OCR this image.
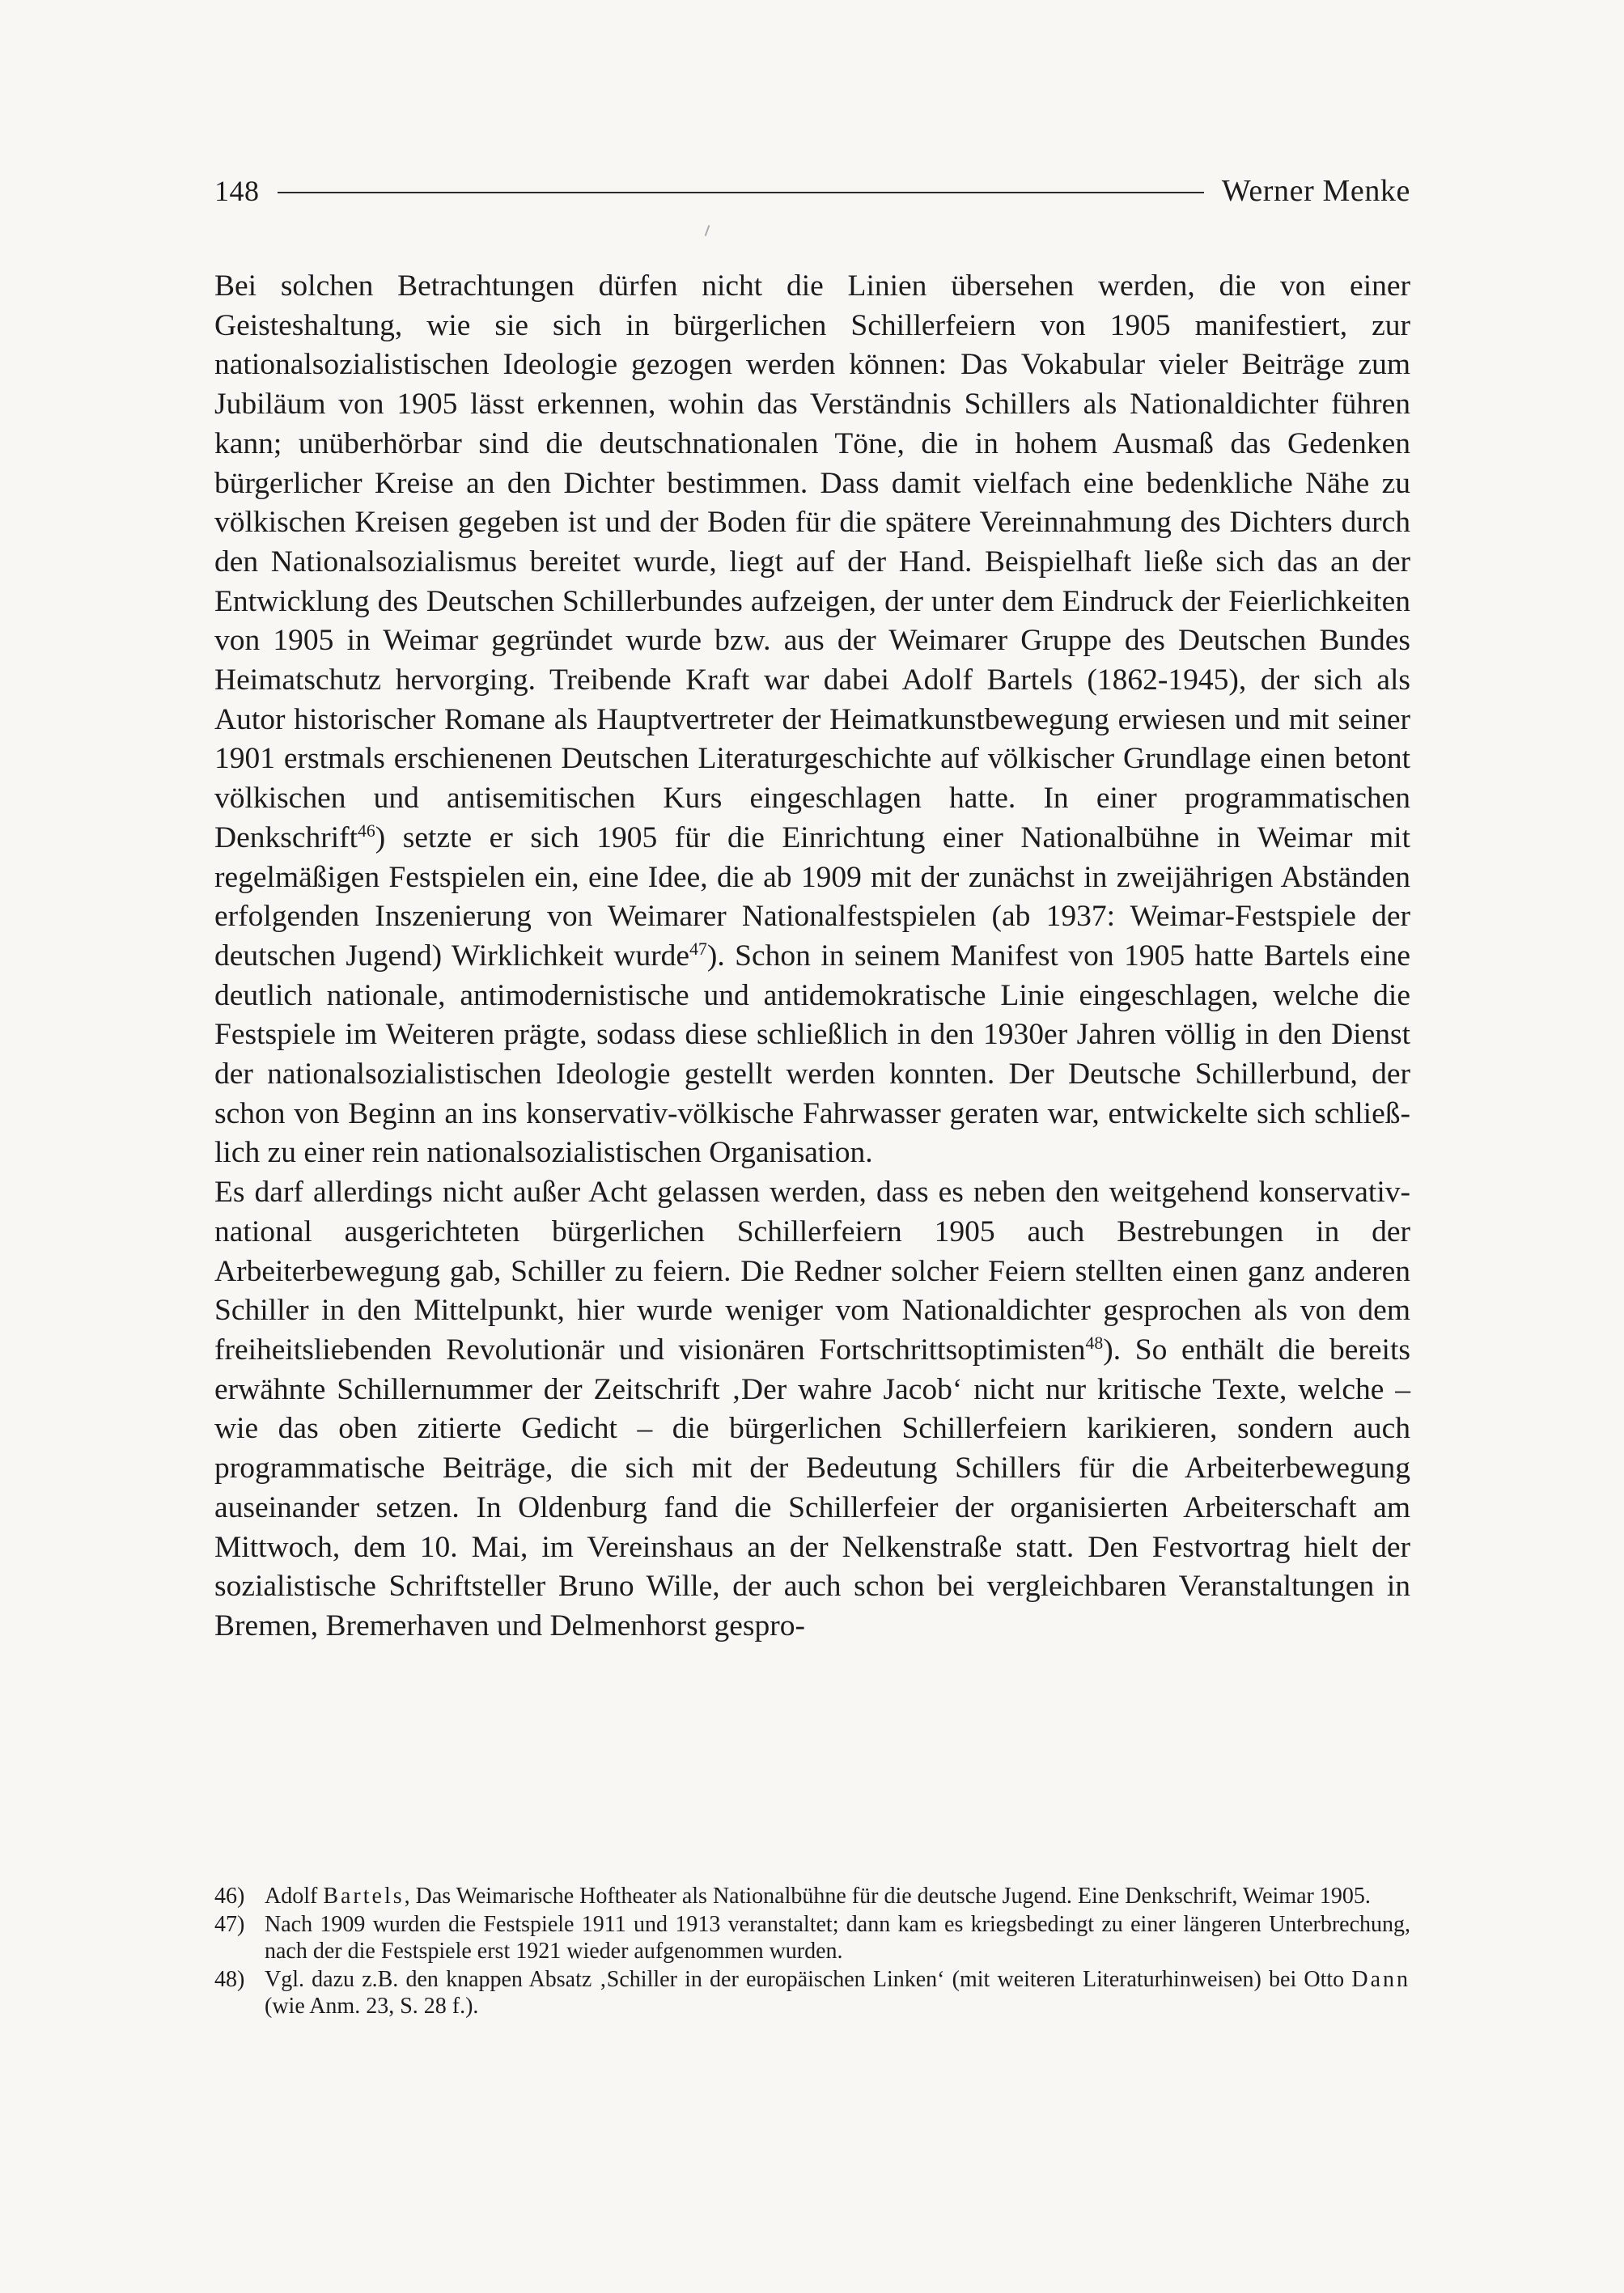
148	Werner Menke

Bei solchen Betrachtungen dürfen nicht die Linien übersehen werden, die von einer Geisteshaltung, wie sie sich in bürgerlichen Schillerfeiern von 1905 manifestiert, zur nationalsozialistischen Ideologie gezogen werden können: Das Vokabular vieler Beiträge zum Jubiläum von 1905 lässt erkennen, wohin das Verständnis Schillers als Nationaldichter führen kann; unüberhörbar sind die deutschnationalen Töne, die in hohem Ausmaß das Gedenken bürgerlicher Kreise an den Dichter bestimmen. Dass damit vielfach eine bedenkliche Nähe zu völkischen Kreisen gegeben ist und der Boden für die spätere Vereinnahmung des Dichters durch den Nationalsozialismus bereitet wurde, liegt auf der Hand. Beispielhaft ließe sich das an der Entwicklung des Deutschen Schillerbundes aufzeigen, der unter dem Eindruck der Feierlichkeiten von 1905 in Weimar gegründet wurde bzw. aus der Weimarer Gruppe des Deutschen Bundes Heimatschutz hervorging. Treibende Kraft war dabei Adolf Bartels (1862-1945), der sich als Autor historischer Romane als Hauptvertreter der Heimatkunstbewegung erwiesen und mit seiner 1901 erstmals erschienenen Deutschen Literaturgeschichte auf völkischer Grundlage einen betont völkischen und antisemitischen Kurs eingeschlagen hatte. In einer programmatischen Denkschrift$^{46}$) setzte er sich 1905 für die Einrichtung einer Nationalbühne in Weimar mit regelmäßigen Festspielen ein, eine Idee, die ab 1909 mit der zunächst in zweijährigen Abständen erfolgenden Inszenierung von Weimarer Nationalfestspielen (ab 1937: Weimar-Festspiele der deutschen Jugend) Wirklichkeit wurde$^{47}$). Schon in seinem Manifest von 1905 hatte Bartels eine deutlich nationale, antimodernistische und antidemokratische Linie eingeschlagen, welche die Festspiele im Weiteren prägte, sodass diese schließlich in den 1930er Jahren völlig in den Dienst der nationalsozialistischen Ideologie gestellt werden konnten. Der Deutsche Schillerbund, der schon von Beginn an ins konservativ-völkische Fahrwasser geraten war, entwickelte sich schließlich zu einer rein nationalsozialistischen Organisation.

Es darf allerdings nicht außer Acht gelassen werden, dass es neben den weitgehend konservativ-national ausgerichteten bürgerlichen Schillerfeiern 1905 auch Bestrebungen in der Arbeiterbewegung gab, Schiller zu feiern. Die Redner solcher Feiern stellten einen ganz anderen Schiller in den Mittelpunkt, hier wurde weniger vom Nationaldichter gesprochen als von dem freiheitsliebenden Revolutionär und visionären Fortschrittsoptimisten$^{48}$). So enthält die bereits erwähnte Schillernummer der Zeitschrift ‚Der wahre Jacob‘ nicht nur kritische Texte, welche – wie das oben zitierte Gedicht – die bürgerlichen Schillerfeiern karikieren, sondern auch programmatische Beiträge, die sich mit der Bedeutung Schillers für die Arbeiterbewegung auseinander setzen. In Oldenburg fand die Schillerfeier der organisierten Arbeiterschaft am Mittwoch, dem 10. Mai, im Vereinshaus an der Nelkenstraße statt. Den Festvortrag hielt der sozialistische Schriftsteller Bruno Wille, der auch schon bei vergleichbaren Veranstaltungen in Bremen, Bremerhaven und Delmenhorst gespro-

46) Adolf Bartels, Das Weimarische Hoftheater als Nationalbühne für die deutsche Jugend. Eine Denkschrift, Weimar 1905.
47) Nach 1909 wurden die Festspiele 1911 und 1913 veranstaltet; dann kam es kriegsbedingt zu einer längeren Unterbrechung, nach der die Festspiele erst 1921 wieder aufgenommen wurden.
48) Vgl. dazu z.B. den knappen Absatz ‚Schiller in der europäischen Linken‘ (mit weiteren Literaturhinweisen) bei Otto Dann (wie Anm. 23, S. 28 f.).
